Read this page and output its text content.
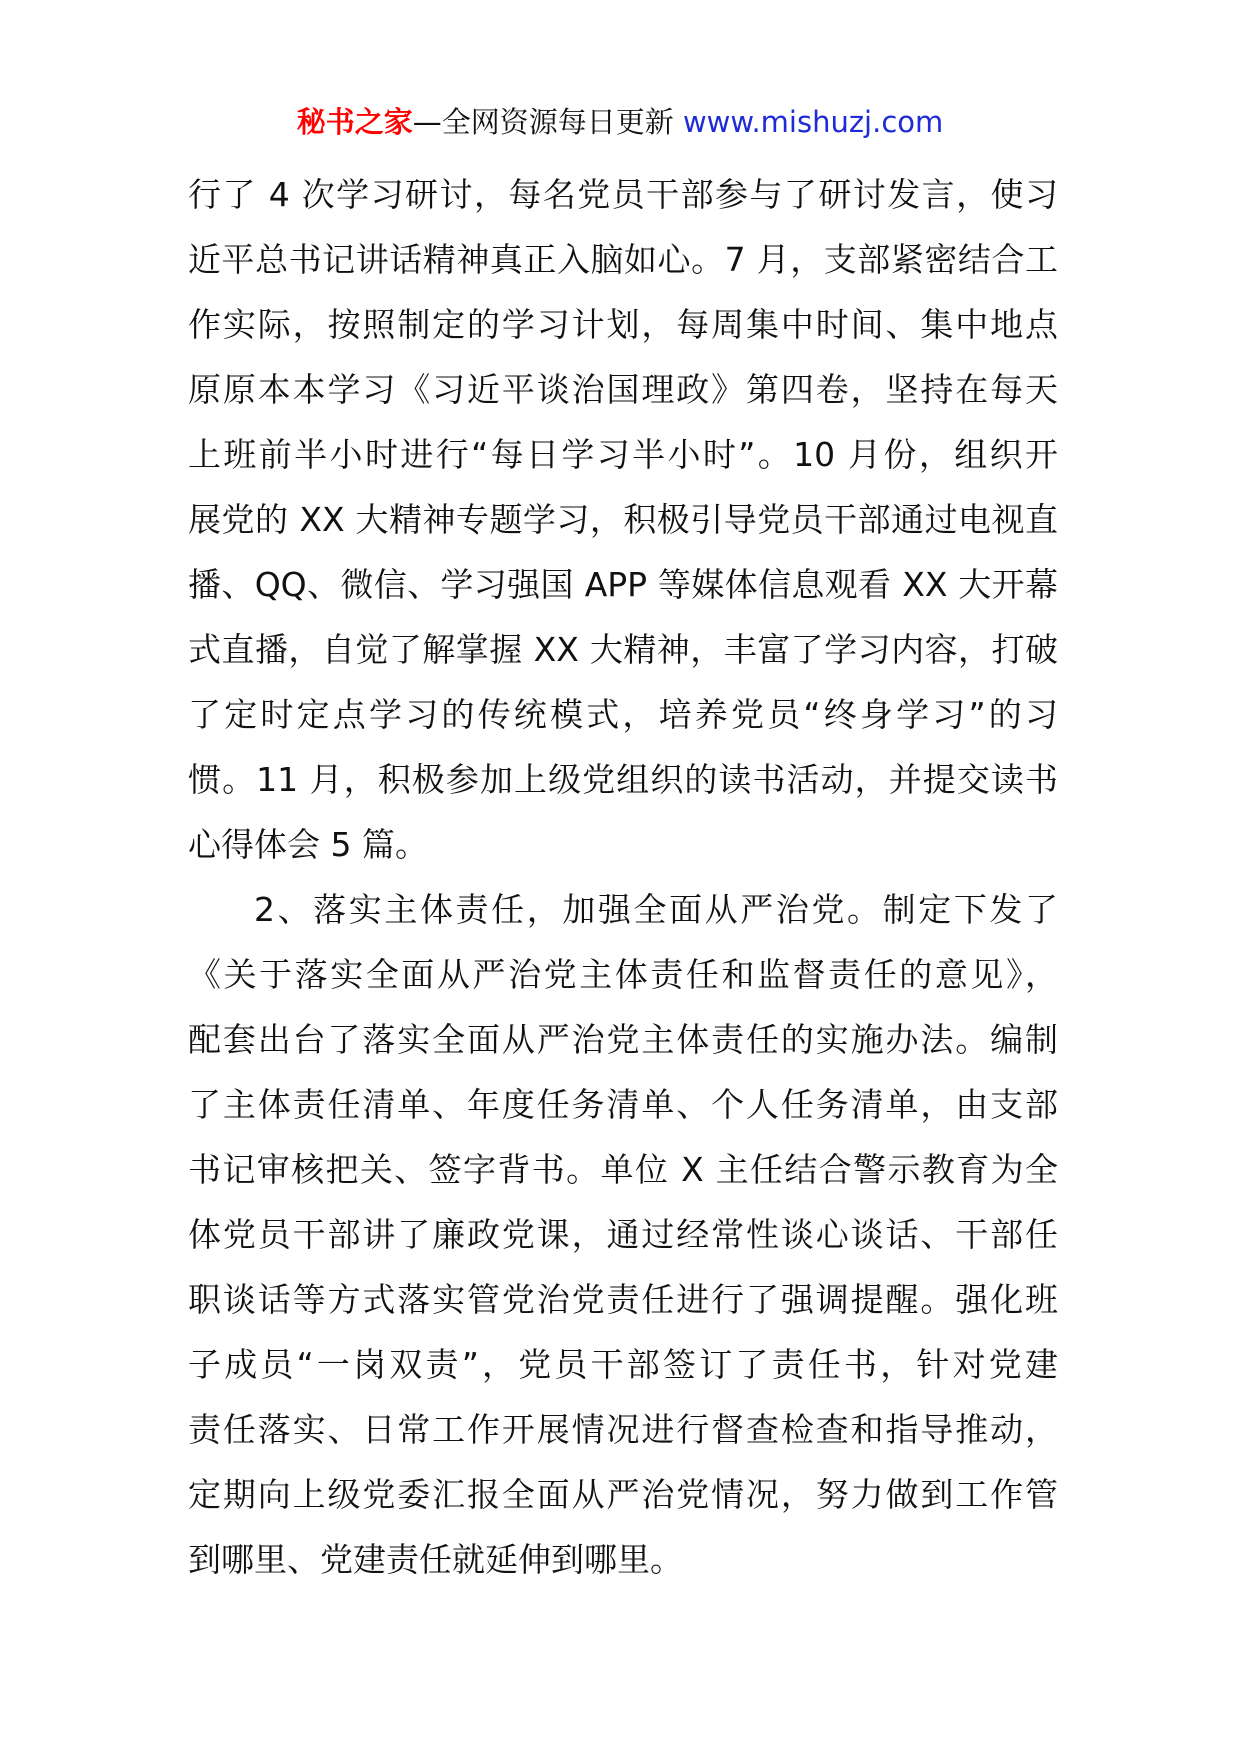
秘书之家—全网资源每日更新 www.mishuzj.com
行了 4 次学习研讨，每名党员干部参与了研讨发言，使习
近平总书记讲话精神真正入脑如心。7 月，支部紧密结合工
作实际，按照制定的学习计划，每周集中时间、集中地点
原原本本学习《习近平谈治国理政》第四卷，坚持在每天
上班前半小时进行“每日学习半小时”。10 月份，组织开
展党的 XX 大精神专题学习，积极引导党员干部通过电视直
播、QQ、微信、学习强国 APP 等媒体信息观看 XX 大开幕
式直播，自觉了解掌握 XX 大精神，丰富了学习内容，打破
了定时定点学习的传统模式，培养党员“终身学习”的习
惯。11 月，积极参加上级党组织的读书活动，并提交读书
心得体会 5 篇。
2、落实主体责任，加强全面从严治党。制定下发了
《关于落实全面从严治党主体责任和监督责任的意见》，
配套出台了落实全面从严治党主体责任的实施办法。编制
了主体责任清单、年度任务清单、个人任务清单，由支部
书记审核把关、签字背书。单位 X 主任结合警示教育为全
体党员干部讲了廉政党课，通过经常性谈心谈话、干部任
职谈话等方式落实管党治党责任进行了强调提醒。强化班
子成员“一岗双责”，党员干部签订了责任书，针对党建
责任落实、日常工作开展情况进行督查检查和指导推动，
定期向上级党委汇报全面从严治党情况，努力做到工作管
到哪里、党建责任就延伸到哪里。
